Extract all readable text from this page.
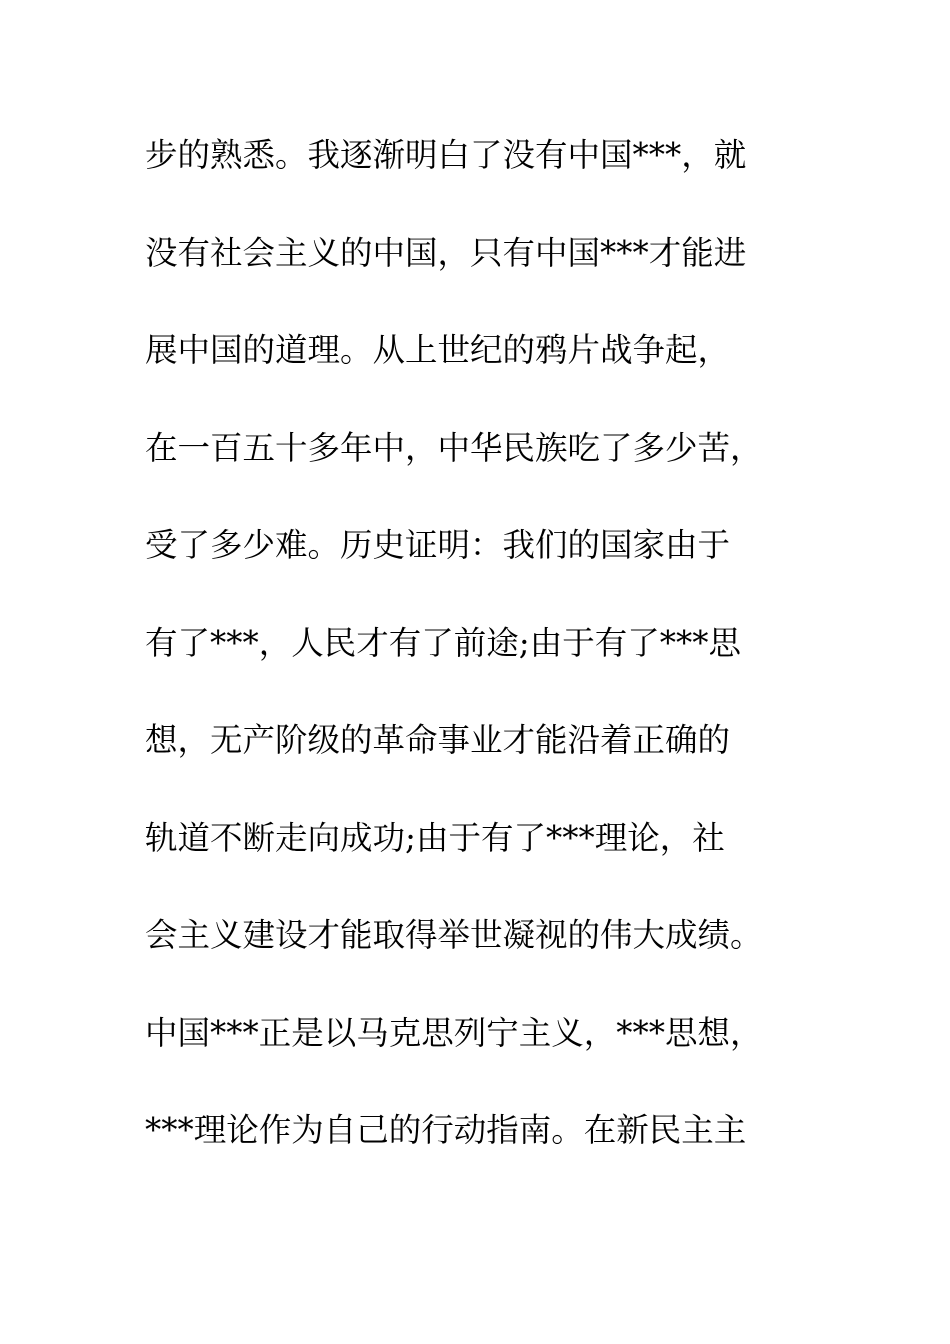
步的熟悉。我逐渐明白了没有中国***，就
没有社会主义的中国，只有中国***才能进
展中国的道理。从上世纪的鸦片战争起，
在一百五十多年中，中华民族吃了多少苦，
受了多少难。历史证明：我们的国家由于
有了***，人民才有了前途;由于有了***思
想，无产阶级的革命事业才能沿着正确的
轨道不断走向成功;由于有了***理论，社
会主义建设才能取得举世凝视的伟大成绩。
中国***正是以马克思列宁主义，***思想，
***理论作为自己的行动指南。在新民主主
